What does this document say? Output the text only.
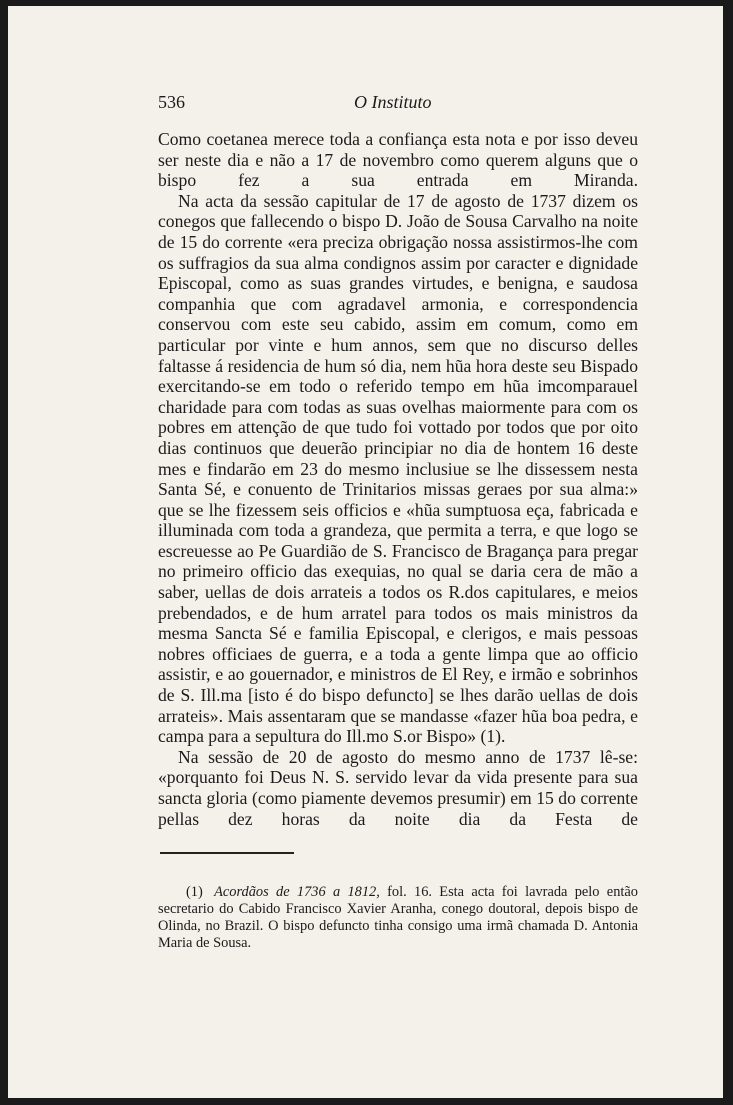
536	O Instituto

Como coetanea merece toda a confiança esta nota e por isso deveu ser neste dia e não a 17 de novembro como querem alguns que o bispo fez a sua entrada em Miranda.

Na acta da sessão capitular de 17 de agosto de 1737 dizem os conegos que fallecendo o bispo D. João de Sousa Carvalho na noite de 15 do corrente «era preciza obrigação nossa assistirmos-lhe com os suffragios da sua alma condignos assim por caracter e dignidade Episcopal, como as suas grandes virtudes, e benigna, e saudosa companhia que com agradavel armonia, e correspondencia conservou com este seu cabido, assim em comum, como em particular por vinte e hum annos, sem que no discurso delles faltasse á residencia de hum só dia, nem hũa hora deste seu Bispado exercitando-se em todo o referido tempo em hũa imcomparauel charidade para com todas as suas ovelhas maiormente para com os pobres em attenção de que tudo foi vottado por todos que por oito dias continuos que deuerão principiar no dia de hontem 16 deste mes e findarão em 23 do mesmo inclusiue se lhe dissessem nesta Santa Sé, e conuento de Trinitarios missas geraes por sua alma:» que se lhe fizessem seis officios e «hũa sumptuosa eça, fabricada e illuminada com toda a grandeza, que permita a terra, e que logo se escreuesse ao Pe Guardião de S. Francisco de Bragança para pregar no primeiro officio das exequias, no qual se daria cera de mão a saber, uellas de dois arrateis a todos os R.dos capitulares, e meios prebendados, e de hum arratel para todos os mais ministros da mesma Sancta Sé e familia Episcopal, e clerigos, e mais pessoas nobres officiaes de guerra, e a toda a gente limpa que ao officio assistir, e ao gouernador, e ministros de El Rey, e irmão e sobrinhos de S. Ill.ma [isto é do bispo defuncto] se lhes darão uellas de dois arrateis». Mais assentaram que se mandasse «fazer hũa boa pedra, e campa para a sepultura do Ill.mo S.or Bispo» (1).

Na sessão de 20 de agosto do mesmo anno de 1737 lê-se: «porquanto foi Deus N. S. servido levar da vida presente para sua sancta gloria (como piamente devemos presumir) em 15 do corrente pellas dez horas da noite dia da Festa de

(1) Acordãos de 1736 a 1812, fol. 16. Esta acta foi lavrada pelo então secretario do Cabido Francisco Xavier Aranha, conego doutoral, depois bispo de Olinda, no Brazil. O bispo defuncto tinha consigo uma irmã chamada D. Antonia Maria de Sousa.
